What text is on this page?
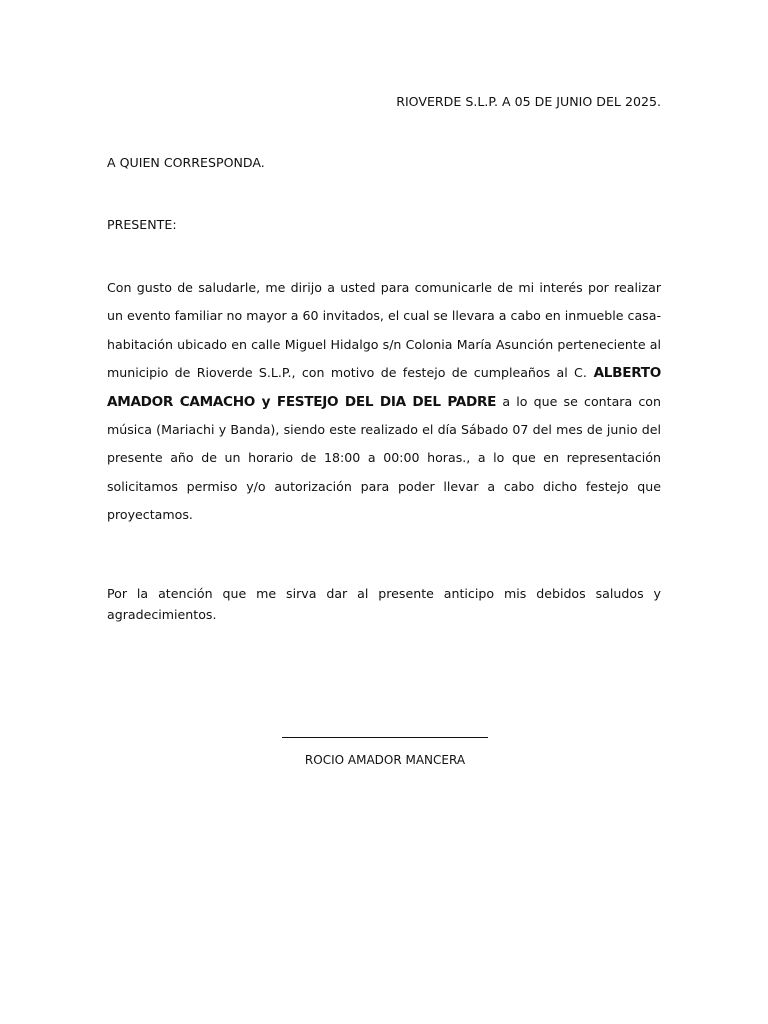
RIOVERDE S.L.P. A 05 DE JUNIO DEL 2025.
A QUIEN CORRESPONDA.
PRESENTE:

Con gusto de saludarle, me dirijo a usted para comunicarle de mi interés por realizar un evento familiar no mayor a 60 invitados, el cual se llevara a cabo en inmueble casa-habitación ubicado en calle Miguel Hidalgo s/n Colonia María Asunción perteneciente al municipio de Rioverde S.L.P., con motivo de festejo de cumpleaños al C. ALBERTO AMADOR CAMACHO y FESTEJO DEL DIA DEL PADRE a lo que se contara con música (Mariachi y Banda), siendo este realizado el día Sábado 07 del mes de junio del presente año de un horario de 18:00 a 00:00 horas., a lo que en representación solicitamos permiso y/o autorización para poder llevar a cabo dicho festejo que proyectamos.

Por la atención que me sirva dar al presente anticipo mis debidos saludos y agradecimientos.

ROCIO AMADOR MANCERA
